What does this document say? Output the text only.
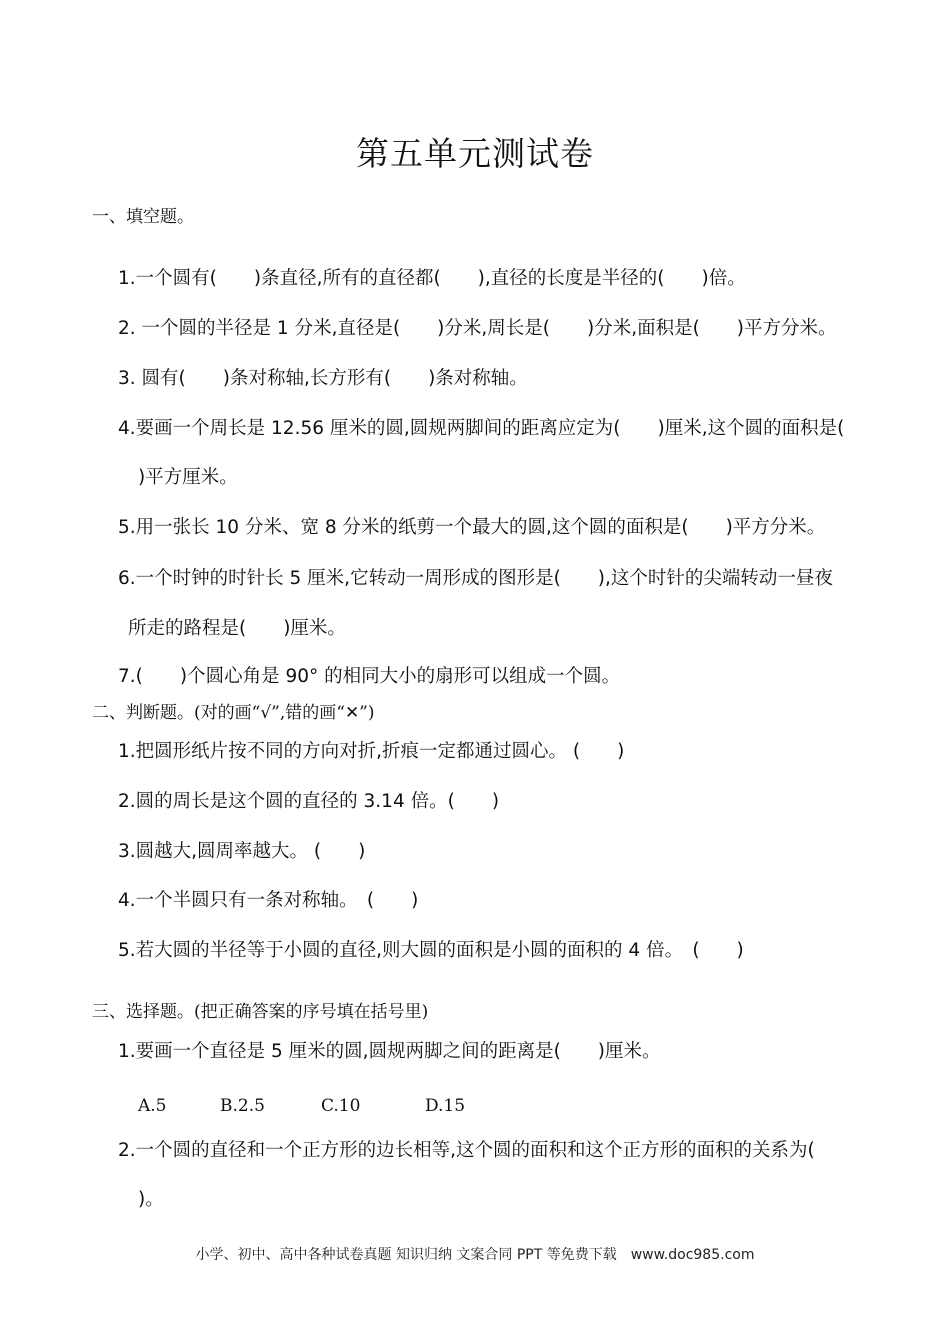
第五单元测试卷
一、填空题。
1.一个圆有(　　)条直径,所有的直径都(　　),直径的长度是半径的(　　)倍。
2. 一个圆的半径是 1 分米,直径是(　　)分米,周长是(　　)分米,面积是(　　)平方分米。
3. 圆有(　　)条对称轴,长方形有(　　)条对称轴。
4.要画一个周长是 12.56 厘米的圆,圆规两脚间的距离应定为(　　)厘米,这个圆的面积是(
)平方厘米。
5.用一张长 10 分米、宽 8 分米的纸剪一个最大的圆,这个圆的面积是(　　)平方分米。
6.一个时钟的时针长 5 厘米,它转动一周形成的图形是(　　),这个时针的尖端转动一昼夜
所走的路程是(　　)厘米。
7.(　　)个圆心角是 90° 的相同大小的扇形可以组成一个圆。
二、判断题。(对的画“√”,错的画“✕”)
1.把圆形纸片按不同的方向对折,折痕一定都通过圆心。 (　　)
2.圆的周长是这个圆的直径的 3.14 倍。(　　)
3.圆越大,圆周率越大。 (　　)
4.一个半圆只有一条对称轴。　(　　)
5.若大圆的半径等于小圆的直径,则大圆的面积是小圆的面积的 4 倍。　(　　)
三、选择题。(把正确答案的序号填在括号里)
1.要画一个直径是 5 厘米的圆,圆规两脚之间的距离是(　　)厘米。
A.5	B.2.5	C.10	D.15
2.一个圆的直径和一个正方形的边长相等,这个圆的面积和这个正方形的面积的关系为(
)。
小学、初中、高中各种试卷真题 知识归纳 文案合同 PPT 等免费下载　www.doc985.com
